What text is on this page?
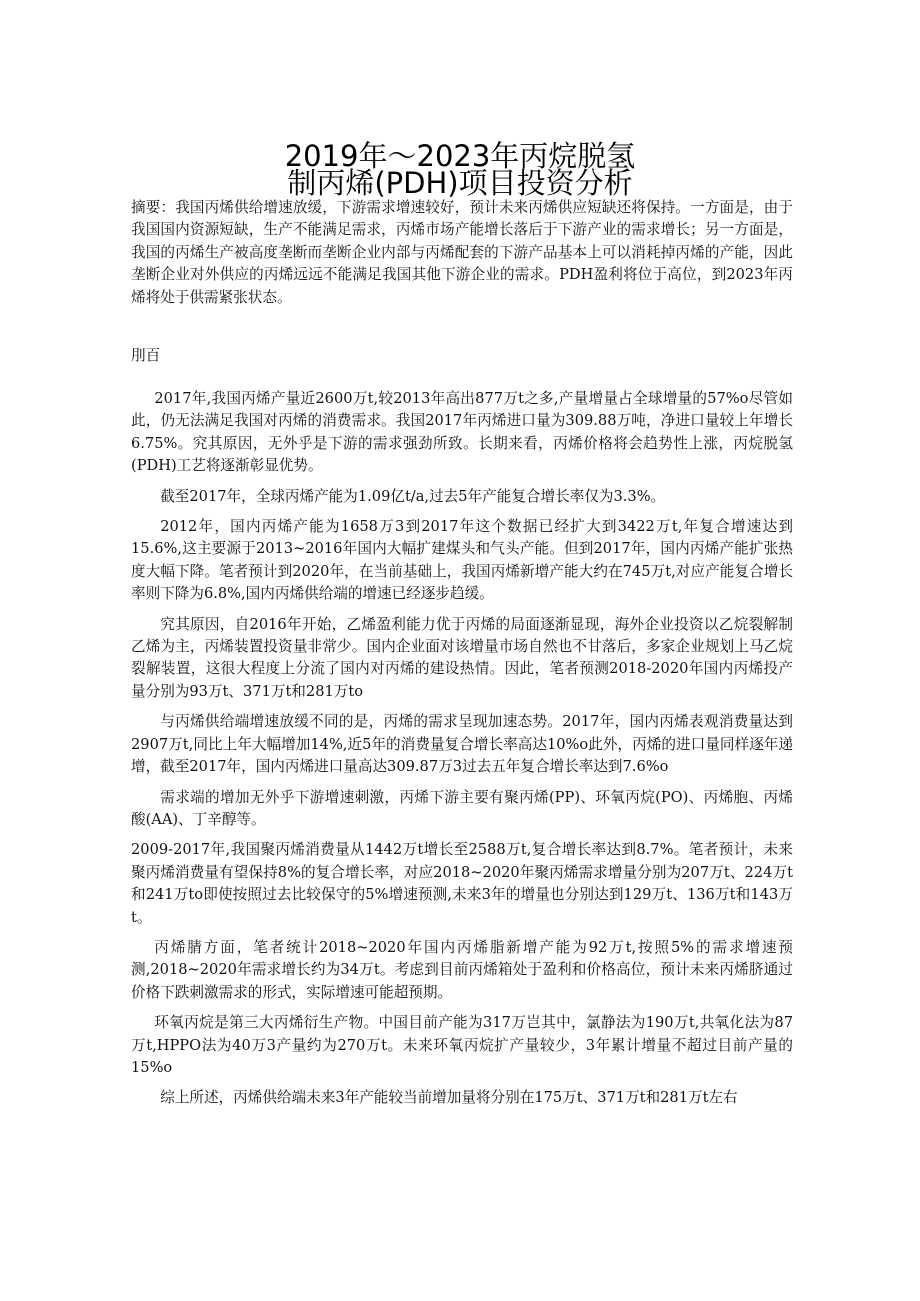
2019年～2023年丙烷脱氢
制丙烯(PDH)项目投资分析
摘要：我国丙烯供给增速放缓，下游需求增速较好，预计未来丙烯供应短缺还将保持。一方面是，由于我国国内资源短缺，生产不能满足需求，丙烯市场产能增长落后于下游产业的需求增长；另一方面是，我国的丙烯生产被高度垄断而垄断企业内部与丙烯配套的下游产品基本上可以消耗掉丙烯的产能，因此垄断企业对外供应的丙烯远远不能满足我国其他下游企业的需求。PDH盈利将位于高位，到2023年丙烯将处于供需紧张状态。
刖百

2017年,我国丙烯产量近2600万t,较2013年高出877万t之多,产量增量占全球增量的57%o尽管如此，仍无法满足我国对丙烯的消费需求。我国2017年丙烯进口量为309.88万吨，净进口量较上年增长6.75%。究其原因，无外乎是下游的需求强劲所致。长期来看，丙烯价格将会趋势性上涨，丙烷脱氢(PDH)工艺将逐渐彰显优势。

截至2017年，全球丙烯产能为1.09亿t/a,过去5年产能复合增长率仅为3.3%。

2012年，国内丙烯产能为1658万3到2017年这个数据已经扩大到3422万t,年复合增速达到15.6%,这主要源于2013~2016年国内大幅扩建煤头和气头产能。但到2017年，国内丙烯产能扩张热度大幅下降。笔者预计到2020年，在当前基础上，我国丙烯新增产能大约在745万t,对应产能复合增长率则下降为6.8%,国内丙烯供给端的增速已经逐步趋缓。

究其原因，自2016年开始，乙烯盈利能力优于丙烯的局面逐渐显现，海外企业投资以乙烷裂解制乙烯为主，丙烯装置投资量非常少。国内企业面对该增量市场自然也不甘落后，多家企业规划上马乙烷裂解装置，这很大程度上分流了国内对丙烯的建设热情。因此，笔者预测2018-2020年国内丙烯投产量分别为93万t、371万t和281万to

与丙烯供给端增速放缓不同的是，丙烯的需求呈现加速态势。2017年，国内丙烯表观消费量达到2907万t,同比上年大幅增加14%,近5年的消费量复合增长率高达10%o此外，丙烯的进口量同样逐年递增，截至2017年，国内丙烯进口量高达309.87万3过去五年复合增长率达到7.6%o

需求端的增加无外乎下游增速刺激，丙烯下游主要有聚丙烯(PP)、环氧丙烷(PO)、丙烯胞、丙烯酸(AA)、丁辛醇等。

2009-2017年,我国聚丙烯消费量从1442万t增长至2588万t,复合增长率达到8.7%。笔者预计，未来聚丙烯消费量有望保持8%的复合增长率，对应2018~2020年聚丙烯需求增量分别为207万t、224万t和241万to即使按照过去比较保守的5%增速预测,未来3年的增量也分别达到129万t、136万t和143万t。

丙烯腈方面，笔者统计2018~2020年国内丙烯脂新增产能为92万t,按照5%的需求增速预测,2018~2020年需求增长约为34万t。考虑到目前丙烯箱处于盈利和价格高位，预计未来丙烯脐通过价格下跌刺激需求的形式，实际增速可能超预期。

环氧丙烷是第三大丙烯衍生产物。中国目前产能为317万岂其中，氯静法为190万t,共氧化法为87万t,HPPO法为40万3产量约为270万t。未来环氧丙烷扩产量较少，3年累计增量不超过目前产量的15%o

综上所述，丙烯供给端未来3年产能较当前增加量将分别在175万t、371万t和281万t左右
